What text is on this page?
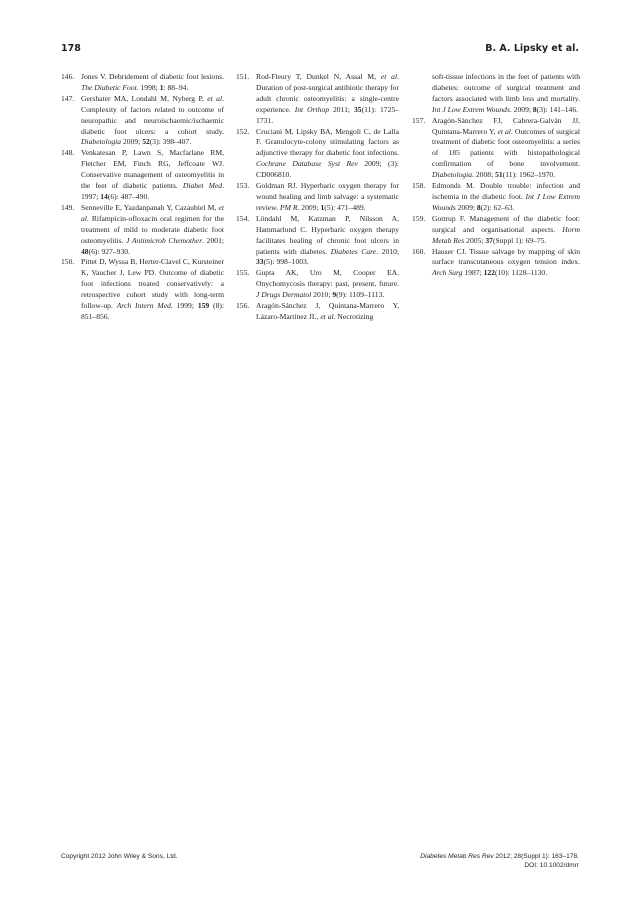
178	B. A. Lipsky et al.

146. Jones V. Debridement of diabetic foot lesions. The Diabetic Foot. 1998; 1: 88–94.

147. Gershater MA, Londahl M, Nyberg P, et al. Complexity of factors related to outcome of neuropathic and neuroischaemic/ischaemic diabetic foot ulcers: a cohort study. Diabetologia 2009; 52(3): 398–407.

148. Venkatesan P, Lawn S, Macfarlane RM, Fletcher EM, Finch RG, Jeffcoate WJ. Conservative management of osteomyelitis in the feet of diabetic patients. Diabet Med. 1997; 14(6): 487–490.

149. Senneville E, Yazdanpanah Y, Cazaubiel M, et al. Rifampicin-ofloxacin oral regimen for the treatment of mild to moderate diabetic foot osteomyelitis. J Antimicrob Chemother. 2001; 48(6): 927–930.

150. Pittet D, Wyssa B, Herter-Clavel C, Kursteiner K, Vaucher J, Lew PD. Outcome of diabetic foot infections treated conservatively: a retrospective cohort study with long-term follow-up. Arch Intern Med. 1999; 159 (8): 851–856.

151. Rod-Fleury T, Dunkel N, Assal M, et al. Duration of post-surgical antibiotic therapy for adult chronic osteomyelitis: a single-centre experience. Int Orthop 2011; 35(11): 1725–1731.

152. Cruciani M, Lipsky BA, Mengoli C, de Lalla F. Granulocyte-colony stimulating factors as adjunctive therapy for diabetic foot infections. Cochrane Database Syst Rev 2009; (3): CD006810.

153. Goldman RJ. Hyperbaric oxygen therapy for wound healing and limb salvage: a systematic review. PM R. 2009; 1(5): 471–489.

154. Löndahl M, Katzman P, Nilsson A, Hammarlund C. Hyperbaric oxygen therapy facilitates healing of chronic foot ulcers in patients with diabetes. Diabetes Care. 2010; 33(5): 998–1003.

155. Gupta AK, Uro M, Cooper EA. Onychomycosis therapy: past, present, future. J Drugs Dermatol 2010; 9(9): 1109–1113.

156. Aragón-Sánchez J, Quintana-Marrero Y, Lázaro-Martínez JL, et al. Necrotizing

soft-tissue infections in the feet of patients with diabetes: outcome of surgical treatment and factors associated with limb loss and mortality. Int J Low Extrem Wounds. 2009; 8(3): 141–146.

157. Aragón-Sánchez FJ, Cabrera-Galván JJ, Quintana-Marrero Y, et al. Outcomes of surgical treatment of diabetic foot osteomyelitis: a series of 185 patients with histopathological confirmation of bone involvement. Diabetologia. 2008; 51(11): 1962–1970.

158. Edmonds M. Double trouble: infection and ischemia in the diabetic foot. Int J Low Extrem Wounds 2009; 8(2): 62–63.

159. Gottrup F. Management of the diabetic foot: surgical and organisational aspects. Horm Metab Res 2005; 37(Suppl 1): 69–75.

160. Hauser CJ. Tissue salvage by mapping of skin surface transcutaneous oxygen tension index. Arch Surg 1987; 122(10): 1128–1130.

Copyright 2012 John Wiley & Sons, Ltd.	Diabetes Metab Res Rev 2012; 28(Suppl 1): 163–178.
DOI: 10.1002/dmrr
